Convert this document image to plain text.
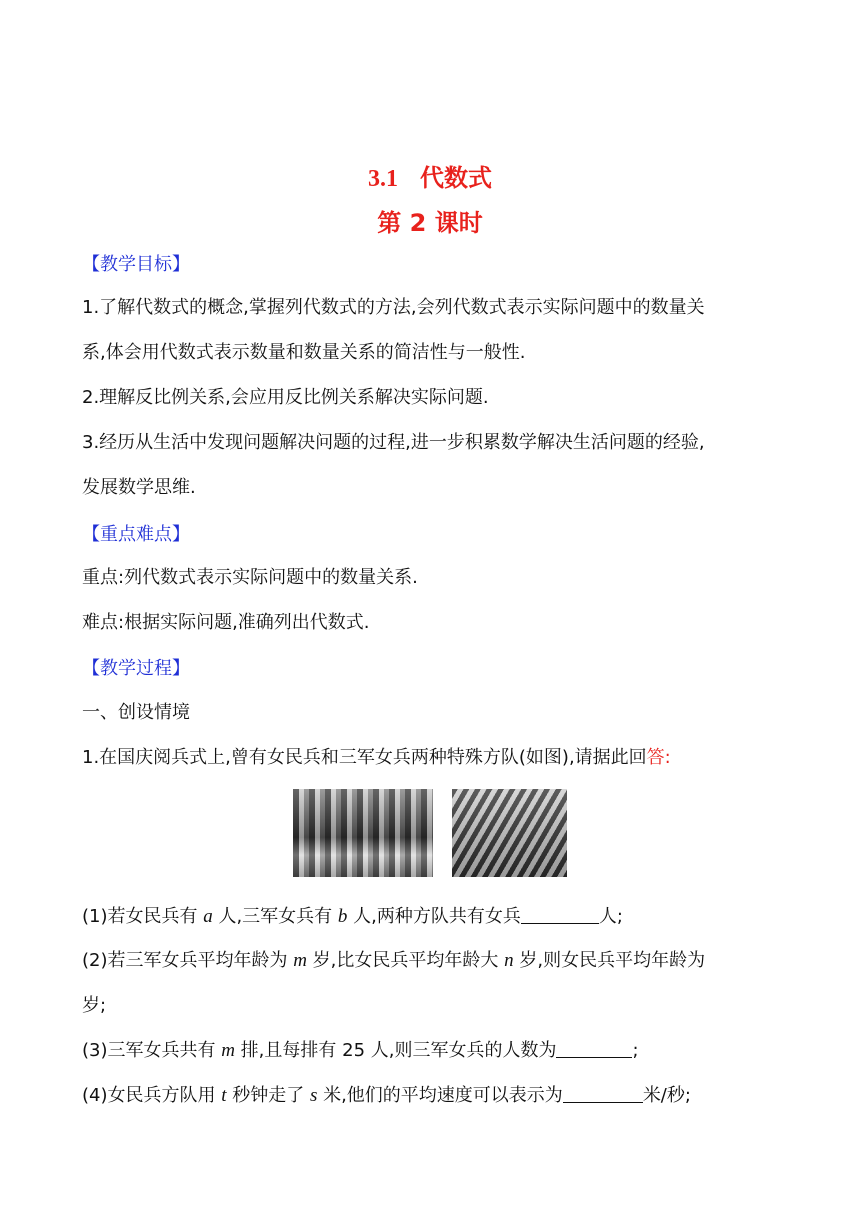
3.1 代数式
第 2 课时
【教学目标】
1.了解代数式的概念,掌握列代数式的方法,会列代数式表示实际问题中的数量关
系,体会用代数式表示数量和数量关系的简洁性与一般性.
2.理解反比例关系,会应用反比例关系解决实际问题.
3.经历从生活中发现问题解决问题的过程,进一步积累数学解决生活问题的经验,
发展数学思维.
【重点难点】
重点:列代数式表示实际问题中的数量关系.
难点:根据实际问题,准确列出代数式.
【教学过程】
一、创设情境
1.在国庆阅兵式上,曾有女民兵和三军女兵两种特殊方队(如图),请据此回答:
(1)若女民兵有 a 人,三军女兵有 b 人,两种方队共有女兵	人;
(2)若三军女兵平均年龄为 m 岁,比女民兵平均年龄大 n 岁,则女民兵平均年龄为
岁;
(3)三军女兵共有 m 排,且每排有 25 人,则三军女兵的人数为	;
(4)女民兵方队用 t 秒钟走了 s 米,他们的平均速度可以表示为	米/秒;
